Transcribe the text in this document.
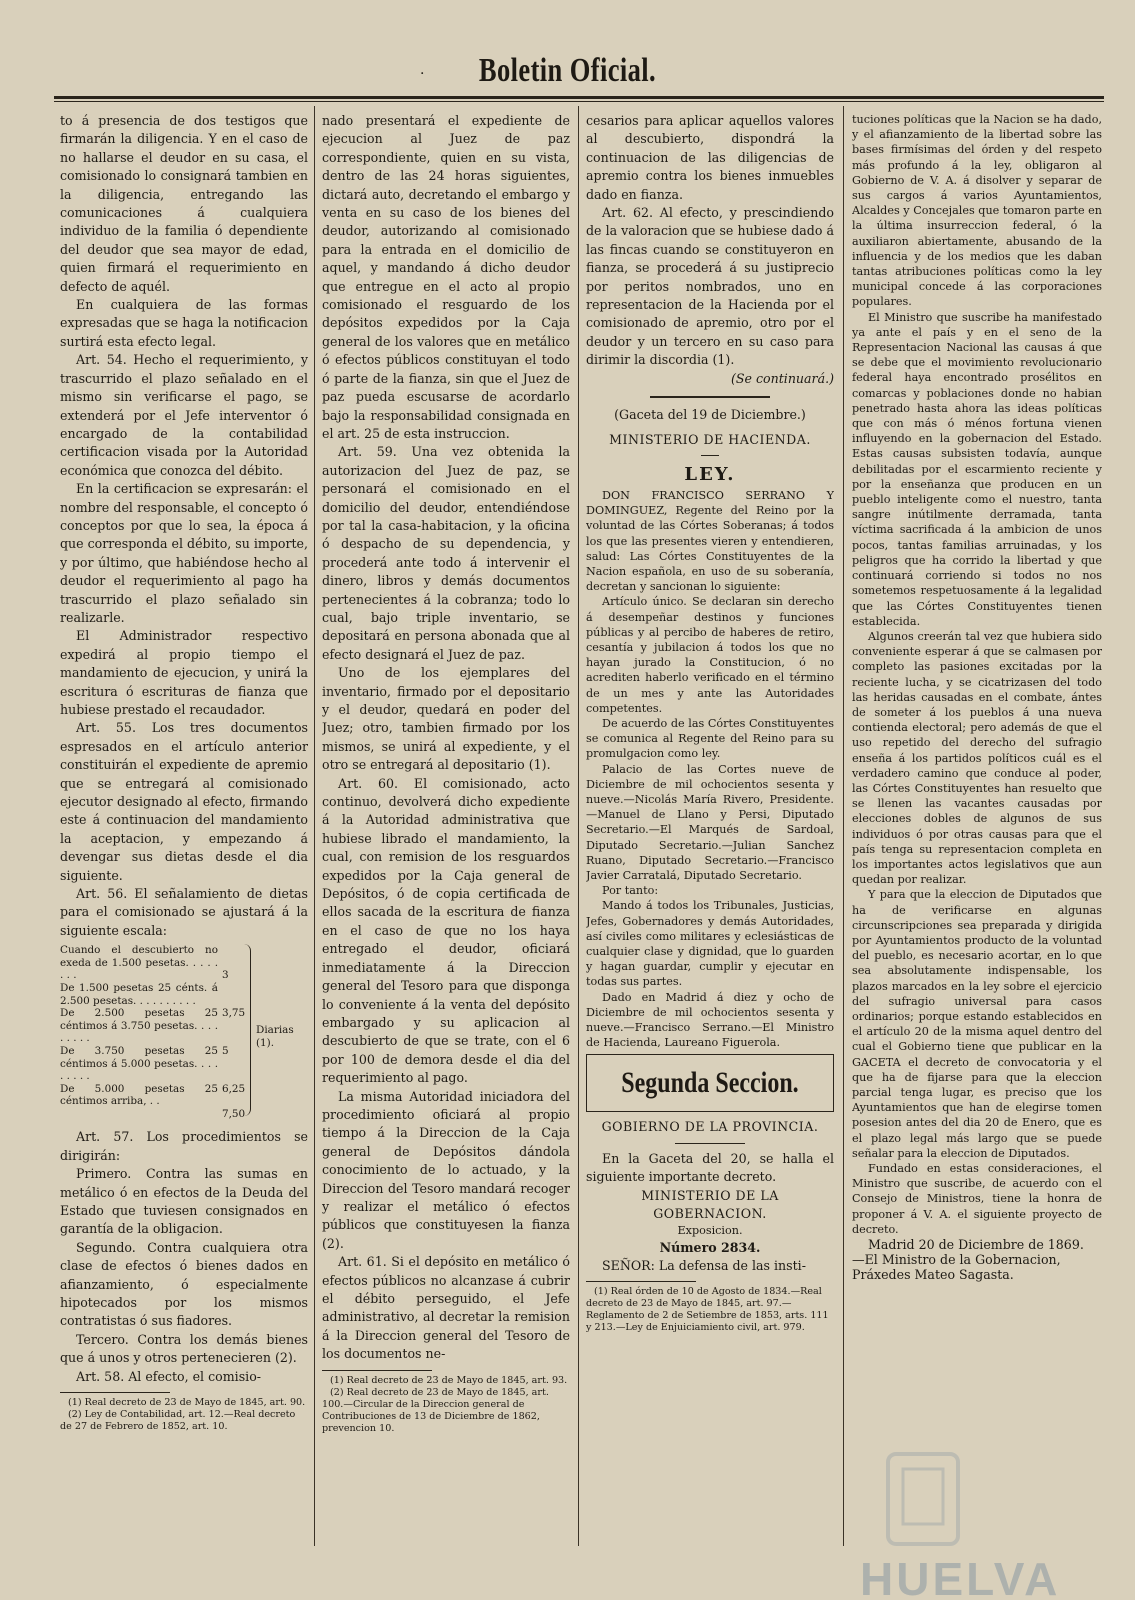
·	Boletin Oficial.

to á presencia de dos testigos que firmarán la diligencia. Y en el caso de no hallarse el deudor en su casa, el comisionado lo consignará tambien en la diligencia, entregando las comunicaciones á cualquiera individuo de la familia ó dependiente del deudor que sea mayor de edad, quien firmará el requerimiento en defecto de aquél.

En cualquiera de las formas expresadas que se haga la notificacion surtirá esta efecto legal.

Art. 54. Hecho el requerimiento, y trascurrido el plazo señalado en el mismo sin verificarse el pago, se extenderá por el Jefe interventor ó encargado de la contabilidad certificacion visada por la Autoridad económica que conozca del débito.

En la certificacion se expresarán: el nombre del responsable, el concepto ó conceptos por que lo sea, la época á que corresponda el débito, su importe, y por último, que habiéndose hecho al deudor el requerimiento al pago ha trascurrido el plazo señalado sin realizarle.

El Administrador respectivo expedirá al propio tiempo el mandamiento de ejecucion, y unirá la escritura ó escrituras de fianza que hubiese prestado el recaudador.

Art. 55. Los tres documentos espresados en el artículo anterior constituirán el expediente de apremio que se entregará al comisionado ejecutor designado al efecto, firmando este á continuacion del mandamiento la aceptacion, y empezando á devengar sus dietas desde el dia siguiente.

Art. 56. El señalamiento de dietas para el comisionado se ajustará á la siguiente escala:

Cuando el descubierto no exeda de 1.500 pesetas. . . . . . . .
De 1.500 pesetas 25 cénts. á 2.500 pesetas. . . . . . . . . .
De 2.500 pesetas 25 céntimos á 3.750 pesetas. . . . . . . . .
De 3.750 pesetas 25 céntimos á 5.000 pesetas. . . . . . . . .
De 5.000 pesetas 25 céntimos arriba, . .
3
3,75
5
6,25
7,50
Diarias (1).

Art. 57. Los procedimientos se dirigirán:

Primero. Contra las sumas en metálico ó en efectos de la Deuda del Estado que tuviesen consignados en garantía de la obligacion.

Segundo. Contra cualquiera otra clase de efectos ó bienes dados en afianzamiento, ó especialmente hipotecados por los mismos contratistas ó sus fiadores.

Tercero. Contra los demás bienes que á unos y otros pertenecieren (2).

Art. 58. Al efecto, el comisio-

(1) Real decreto de 23 de Mayo de 1845, art. 90.
(2) Ley de Contabilidad, art. 12.—Real decreto de 27 de Febrero de 1852, art. 10.

nado presentará el expediente de ejecucion al Juez de paz correspondiente, quien en su vista, dentro de las 24 horas siguientes, dictará auto, decretando el embargo y venta en su caso de los bienes del deudor, autorizando al comisionado para la entrada en el domicilio de aquel, y mandando á dicho deudor que entregue en el acto al propio comisionado el resguardo de los depósitos expedidos por la Caja general de los valores que en metálico ó efectos públicos constituyan el todo ó parte de la fianza, sin que el Juez de paz pueda escusarse de acordarlo bajo la responsabilidad consignada en el art. 25 de esta instruccion.

Art. 59. Una vez obtenida la autorizacion del Juez de paz, se personará el comisionado en el domicilio del deudor, entendiéndose por tal la casa-habitacion, y la oficina ó despacho de su dependencia, y procederá ante todo á intervenir el dinero, libros y demás documentos pertenecientes á la cobranza; todo lo cual, bajo triple inventario, se depositará en persona abonada que al efecto designará el Juez de paz.

Uno de los ejemplares del inventario, firmado por el depositario y el deudor, quedará en poder del Juez; otro, tambien firmado por los mismos, se unirá al expediente, y el otro se entregará al depositario (1).

Art. 60. El comisionado, acto continuo, devolverá dicho expediente á la Autoridad administrativa que hubiese librado el mandamiento, la cual, con remision de los resguardos expedidos por la Caja general de Depósitos, ó de copia certificada de ellos sacada de la escritura de fianza en el caso de que no los haya entregado el deudor, oficiará inmediatamente á la Direccion general del Tesoro para que disponga lo conveniente á la venta del depósito embargado y su aplicacion al descubierto de que se trate, con el 6 por 100 de demora desde el dia del requerimiento al pago.

La misma Autoridad iniciadora del procedimiento oficiará al propio tiempo á la Direccion de la Caja general de Depósitos dándola conocimiento de lo actuado, y la Direccion del Tesoro mandará recoger y realizar el metálico ó efectos públicos que constituyesen la fianza (2).

Art. 61. Si el depósito en metálico ó efectos públicos no alcanzase á cubrir el débito perseguido, el Jefe administrativo, al decretar la remision á la Direccion general del Tesoro de los documentos ne-

(1) Real decreto de 23 de Mayo de 1845, art. 93.
(2) Real decreto de 23 de Mayo de 1845, art. 100.—Circular de la Direccion general de Contribuciones de 13 de Diciembre de 1862, prevencion 10.

cesarios para aplicar aquellos valores al descubierto, dispondrá la continuacion de las diligencias de apremio contra los bienes inmuebles dado en fianza.

Art. 62. Al efecto, y prescindiendo de la valoracion que se hubiese dado á las fincas cuando se constituyeron en fianza, se procederá á su justiprecio por peritos nombrados, uno en representacion de la Hacienda por el comisionado de apremio, otro por el deudor y un tercero en su caso para dirimir la discordia (1).

(Se continuará.)

(Gaceta del 19 de Diciembre.)

MINISTERIO DE HACIENDA.

LEY.

DON FRANCISCO SERRANO Y DOMINGUEZ, Regente del Reino por la voluntad de las Córtes Soberanas; á todos los que las presentes vieren y entendieren, salud: Las Córtes Constituyentes de la Nacion española, en uso de su soberanía, decretan y sancionan lo siguiente:

Artículo único. Se declaran sin derecho á desempeñar destinos y funciones públicas y al percibo de haberes de retiro, cesantía y jubilacion á todos los que no hayan jurado la Constitucion, ó no acrediten haberlo verificado en el término de un mes y ante las Autoridades competentes.

De acuerdo de las Córtes Constituyentes se comunica al Regente del Reino para su promulgacion como ley.

Palacio de las Cortes nueve de Diciembre de mil ochocientos sesenta y nueve.—Nicolás María Rivero, Presidente.—Manuel de Llano y Persi, Diputado Secretario.—El Marqués de Sardoal, Diputado Secretario.—Julian Sanchez Ruano, Diputado Secretario.—Francisco Javier Carratalá, Diputado Secretario.

Por tanto:

Mando á todos los Tribunales, Justicias, Jefes, Gobernadores y demás Autoridades, así civiles como militares y eclesiásticas de cualquier clase y dignidad, que lo guarden y hagan guardar, cumplir y ejecutar en todas sus partes.

Dado en Madrid á diez y ocho de Diciembre de mil ochocientos sesenta y nueve.—Francisco Serrano.—El Ministro de Hacienda, Laureano Figuerola.

Segunda Seccion.

GOBIERNO DE LA PROVINCIA.

En la Gaceta del 20, se halla el siguiente importante decreto.

MINISTERIO DE LA GOBERNACION.

Exposicion.

Número 2834.

SEÑOR: La defensa de las insti-

(1) Real órden de 10 de Agosto de 1834.—Real decreto de 23 de Mayo de 1845, art. 97.—Reglamento de 2 de Setiembre de 1853, arts. 111 y 213.—Ley de Enjuiciamiento civil, art. 979.

tuciones políticas que la Nacion se ha dado, y el afianzamiento de la libertad sobre las bases firmísimas del órden y del respeto más profundo á la ley, obligaron al Gobierno de V. A. á disolver y separar de sus cargos á varios Ayuntamientos, Alcaldes y Concejales que tomaron parte en la última insurreccion federal, ó la auxiliaron abiertamente, abusando de la influencia y de los medios que les daban tantas atribuciones políticas como la ley municipal concede á las corporaciones populares.

El Ministro que suscribe ha manifestado ya ante el país y en el seno de la Representacion Nacional las causas á que se debe que el movimiento revolucionario federal haya encontrado prosélitos en comarcas y poblaciones donde no habian penetrado hasta ahora las ideas políticas que con más ó ménos fortuna vienen influyendo en la gobernacion del Estado. Estas causas subsisten todavía, aunque debilitadas por el escarmiento reciente y por la enseñanza que producen en un pueblo inteligente como el nuestro, tanta sangre inútilmente derramada, tanta víctima sacrificada á la ambicion de unos pocos, tantas familias arruinadas, y los peligros que ha corrido la libertad y que continuará corriendo si todos no nos sometemos respetuosamente á la legalidad que las Córtes Constituyentes tienen establecida.

Algunos creerán tal vez que hubiera sido conveniente esperar á que se calmasen por completo las pasiones excitadas por la reciente lucha, y se cicatrizasen del todo las heridas causadas en el combate, ántes de someter á los pueblos á una nueva contienda electoral; pero además de que el uso repetido del derecho del sufragio enseña á los partidos políticos cuál es el verdadero camino que conduce al poder, las Córtes Constituyentes han resuelto que se llenen las vacantes causadas por elecciones dobles de algunos de sus individuos ó por otras causas para que el país tenga su representacion completa en los importantes actos legislativos que aun quedan por realizar.

Y para que la eleccion de Diputados que ha de verificarse en algunas circunscripciones sea preparada y dirigida por Ayuntamientos producto de la voluntad del pueblo, es necesario acortar, en lo que sea absolutamente indispensable, los plazos marcados en la ley sobre el ejercicio del sufragio universal para casos ordinarios; porque estando establecidos en el artículo 20 de la misma aquel dentro del cual el Gobierno tiene que publicar en la GACETA el decreto de convocatoria y el que ha de fijarse para que la eleccion parcial tenga lugar, es preciso que los Ayuntamientos que han de elegirse tomen posesion antes del dia 20 de Enero, que es el plazo legal más largo que se puede señalar para la eleccion de Diputados.

Fundado en estas consideraciones, el Ministro que suscribe, de acuerdo con el Consejo de Ministros, tiene la honra de proponer á V. A. el siguiente proyecto de decreto.

Madrid 20 de Diciembre de 1869.

—El Ministro de la Gobernacion,

Práxedes Mateo Sagasta.

HUELVA
